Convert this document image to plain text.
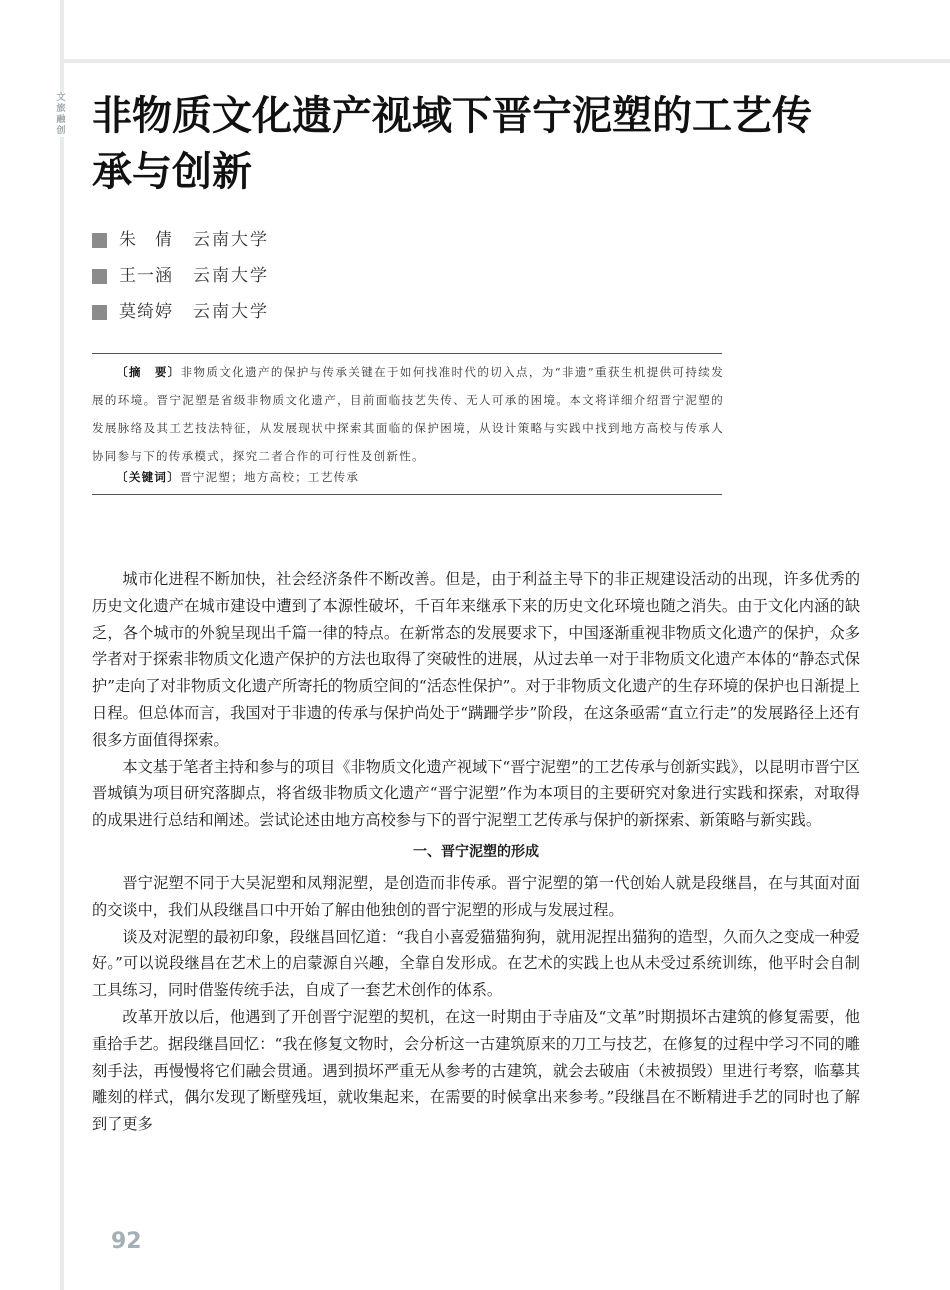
文
旅
融
创 非物质文化遗产视域下晋宁泥塑的工艺传承与创新
朱　倩	云南大学
王一涵	云南大学
莫绮婷	云南大学

〔摘　要〕非物质文化遗产的保护与传承关键在于如何找准时代的切入点，为“非遗”重获生机提供可持续发展的环境。晋宁泥塑是省级非物质文化遗产，目前面临技艺失传、无人可承的困境。本文将详细介绍晋宁泥塑的发展脉络及其工艺技法特征，从发展现状中探索其面临的保护困境，从设计策略与实践中找到地方高校与传承人协同参与下的传承模式，探究二者合作的可行性及创新性。

〔关键词〕晋宁泥塑；地方高校；工艺传承

城市化进程不断加快，社会经济条件不断改善。但是，由于利益主导下的非正规建设活动的出现，许多优秀的历史文化遗产在城市建设中遭到了本源性破坏，千百年来继承下来的历史文化环境也随之消失。由于文化内涵的缺乏，各个城市的外貌呈现出千篇一律的特点。在新常态的发展要求下，中国逐渐重视非物质文化遗产的保护，众多学者对于探索非物质文化遗产保护的方法也取得了突破性的进展，从过去单一对于非物质文化遗产本体的“静态式保护”走向了对非物质文化遗产所寄托的物质空间的“活态性保护”。对于非物质文化遗产的生存环境的保护也日渐提上日程。但总体而言，我国对于非遗的传承与保护尚处于“蹒跚学步”阶段，在这条亟需“直立行走”的发展路径上还有很多方面值得探索。

本文基于笔者主持和参与的项目《非物质文化遗产视域下“晋宁泥塑”的工艺传承与创新实践》，以昆明市晋宁区晋城镇为项目研究落脚点，将省级非物质文化遗产“晋宁泥塑”作为本项目的主要研究对象进行实践和探索，对取得的成果进行总结和阐述。尝试论述由地方高校参与下的晋宁泥塑工艺传承与保护的新探索、新策略与新实践。

一、晋宁泥塑的形成

晋宁泥塑不同于大吴泥塑和凤翔泥塑，是创造而非传承。晋宁泥塑的第一代创始人就是段继昌，在与其面对面的交谈中，我们从段继昌口中开始了解由他独创的晋宁泥塑的形成与发展过程。

谈及对泥塑的最初印象，段继昌回忆道：“我自小喜爱猫猫狗狗，就用泥捏出猫狗的造型，久而久之变成一种爱好。”可以说段继昌在艺术上的启蒙源自兴趣，全靠自发形成。在艺术的实践上也从未受过系统训练，他平时会自制工具练习，同时借鉴传统手法，自成了一套艺术创作的体系。

改革开放以后，他遇到了开创晋宁泥塑的契机，在这一时期由于寺庙及“文革”时期损坏古建筑的修复需要，他重拾手艺。据段继昌回忆：“我在修复文物时，会分析这一古建筑原来的刀工与技艺，在修复的过程中学习不同的雕刻手法，再慢慢将它们融会贯通。遇到损坏严重无从参考的古建筑，就会去破庙（未被损毁）里进行考察，临摹其雕刻的样式，偶尔发现了断壁残垣，就收集起来，在需要的时候拿出来参考。”段继昌在不断精进手艺的同时也了解到了更多

92
